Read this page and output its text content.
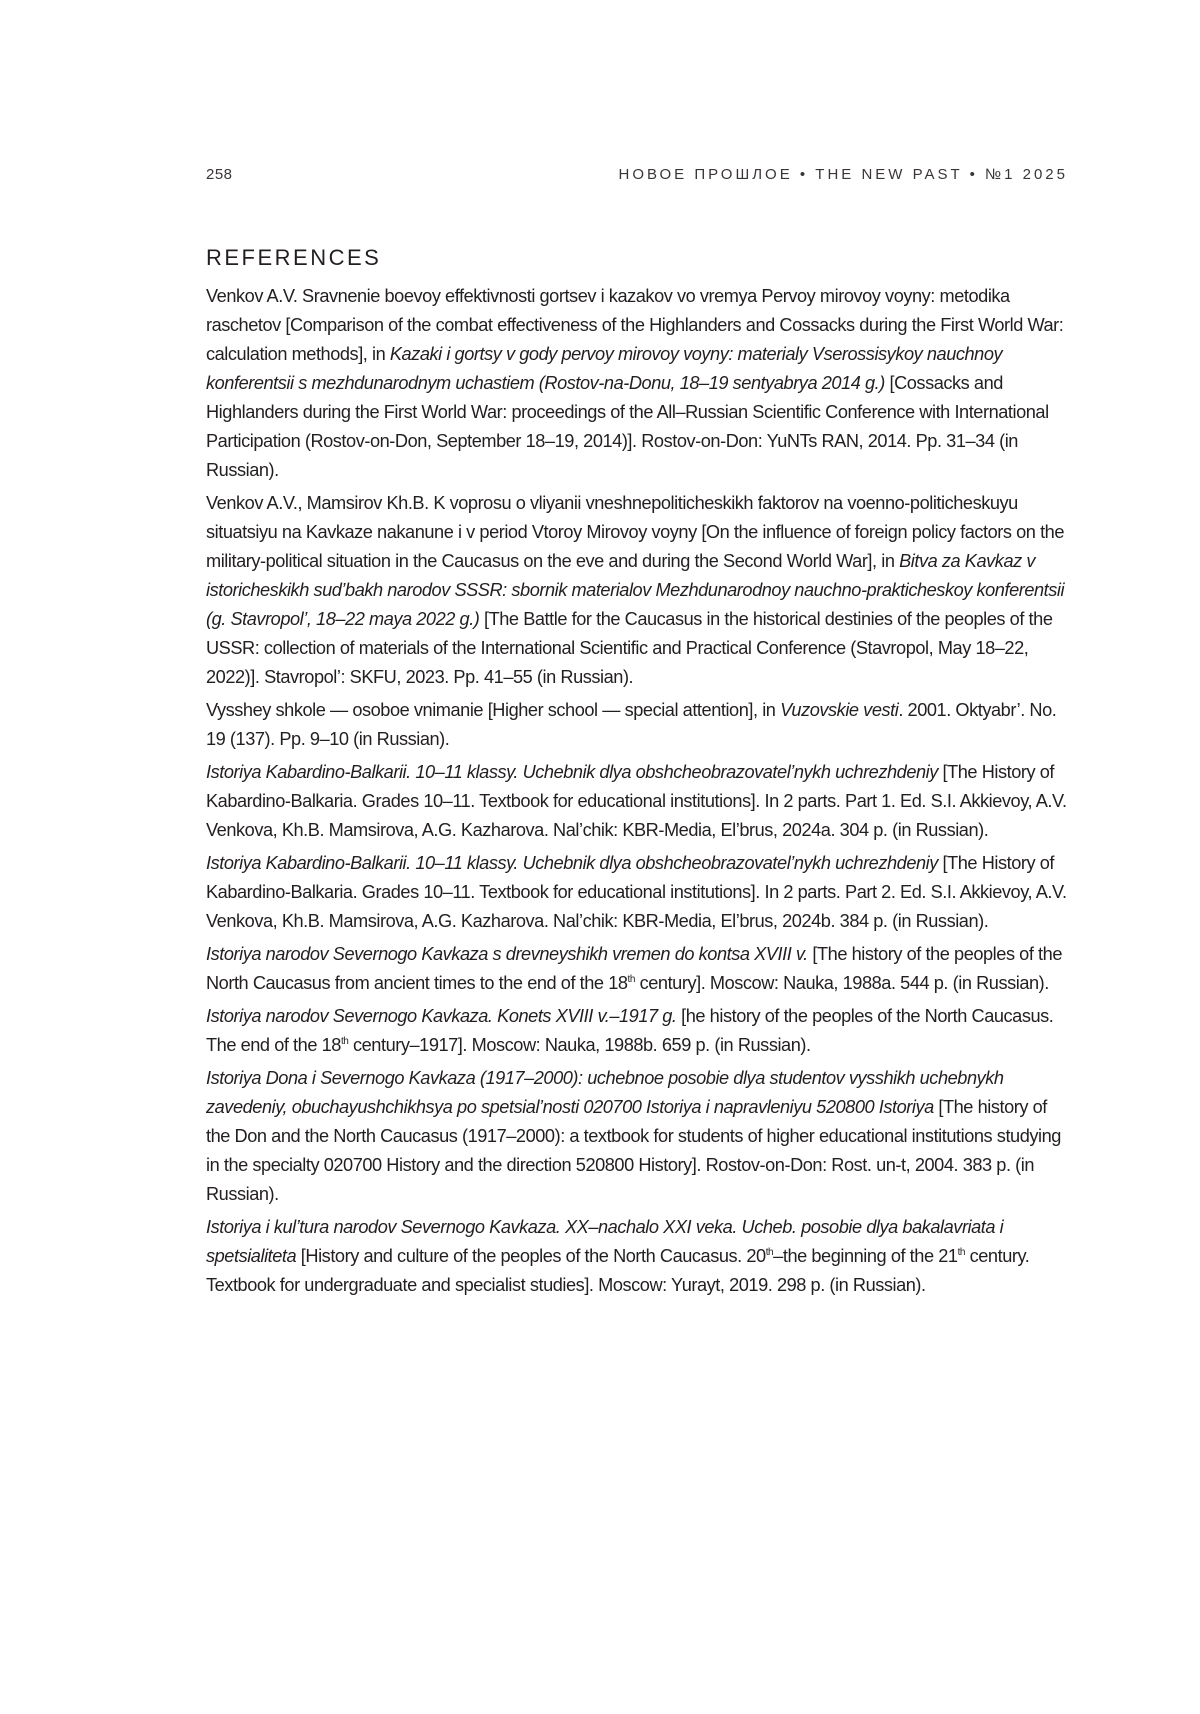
258	НОВОЕ ПРОШЛОЕ • THE NEW PAST • №1 2025
REFERENCES
Venkov A.V. Sravnenie boevoy effektivnosti gortsev i kazakov vo vremya Pervoy mirovoy voyny: metodika raschetov [Comparison of the combat effectiveness of the Highlanders and Cossacks during the First World War: calculation methods], in Kazaki i gortsy v gody pervoy mirovoy voyny: materialy Vserossisykoy nauchnoy konferentsii s mezhdunarodnym uchastiem (Rostov-na-Donu, 18–19 sentyabrya 2014 g.) [Cossacks and Highlanders during the First World War: proceedings of the All–Russian Scientific Conference with International Participation (Rostov-on-Don, September 18–19, 2014)]. Rostov-on-Don: YuNTs RAN, 2014. Pp. 31–34 (in Russian).
Venkov A.V., Mamsirov Kh.B. K voprosu o vliyanii vneshnepoliticheskikh faktorov na voenno-politicheskuyu situatsiyu na Kavkaze nakanune i v period Vtoroy Mirovoy voyny [On the influence of foreign policy factors on the military-political situation in the Caucasus on the eve and during the Second World War], in Bitva za Kavkaz v istoricheskikh sud’bakh narodov SSSR: sbornik materialov Mezhdunarodnoy nauchno-prakticheskoy konferentsii (g. Stavropol’, 18–22 maya 2022 g.) [The Battle for the Caucasus in the historical destinies of the peoples of the USSR: collection of materials of the International Scientific and Practical Conference (Stavropol, May 18–22, 2022)]. Stavropol’: SKFU, 2023. Pp. 41–55 (in Russian).
Vysshey shkole — osoboe vnimanie [Higher school — special attention], in Vuzovskie vesti. 2001. Oktyabr’. No. 19 (137). Pp. 9–10 (in Russian).
Istoriya Kabardino-Balkarii. 10–11 klassy. Uchebnik dlya obshcheobrazovatel’nykh uchrezhdeniy [The History of Kabardino-Balkaria. Grades 10–11. Textbook for educational institutions]. In 2 parts. Part 1. Ed. S.I. Akkievoy, A.V. Venkova, Kh.B. Mamsirova, A.G. Kazharova. Nal’chik: KBR-Media, El’brus, 2024a. 304 p. (in Russian).
Istoriya Kabardino-Balkarii. 10–11 klassy. Uchebnik dlya obshcheobrazovatel’nykh uchrezhdeniy [The History of Kabardino-Balkaria. Grades 10–11. Textbook for educational institutions]. In 2 parts. Part 2. Ed. S.I. Akkievoy, A.V. Venkova, Kh.B. Mamsirova, A.G. Kazharova. Nal’chik: KBR-Media, El’brus, 2024b. 384 p. (in Russian).
Istoriya narodov Severnogo Kavkaza s drevneyshikh vremen do kontsa XVIII v. [The history of the peoples of the North Caucasus from ancient times to the end of the 18th century]. Moscow: Nauka, 1988a. 544 p. (in Russian).
Istoriya narodov Severnogo Kavkaza. Konets XVIII v.–1917 g. [he history of the peoples of the North Caucasus. The end of the 18th century–1917]. Moscow: Nauka, 1988b. 659 p. (in Russian).
Istoriya Dona i Severnogo Kavkaza (1917–2000): uchebnoe posobie dlya studentov vysshikh uchebnykh zavedeniy, obuchayushchikhsya po spetsial’nosti 020700 Istoriya i napravleniyu 520800 Istoriya [The history of the Don and the North Caucasus (1917–2000): a textbook for students of higher educational institutions studying in the specialty 020700 History and the direction 520800 History]. Rostov-on-Don: Rost. un-t, 2004. 383 p. (in Russian).
Istoriya i kul’tura narodov Severnogo Kavkaza. XX–nachalo XXI veka. Ucheb. posobie dlya bakalavriata i spetsialiteta [History and culture of the peoples of the North Caucasus. 20th–the beginning of the 21th century. Textbook for undergraduate and specialist studies]. Moscow: Yurayt, 2019. 298 p. (in Russian).
